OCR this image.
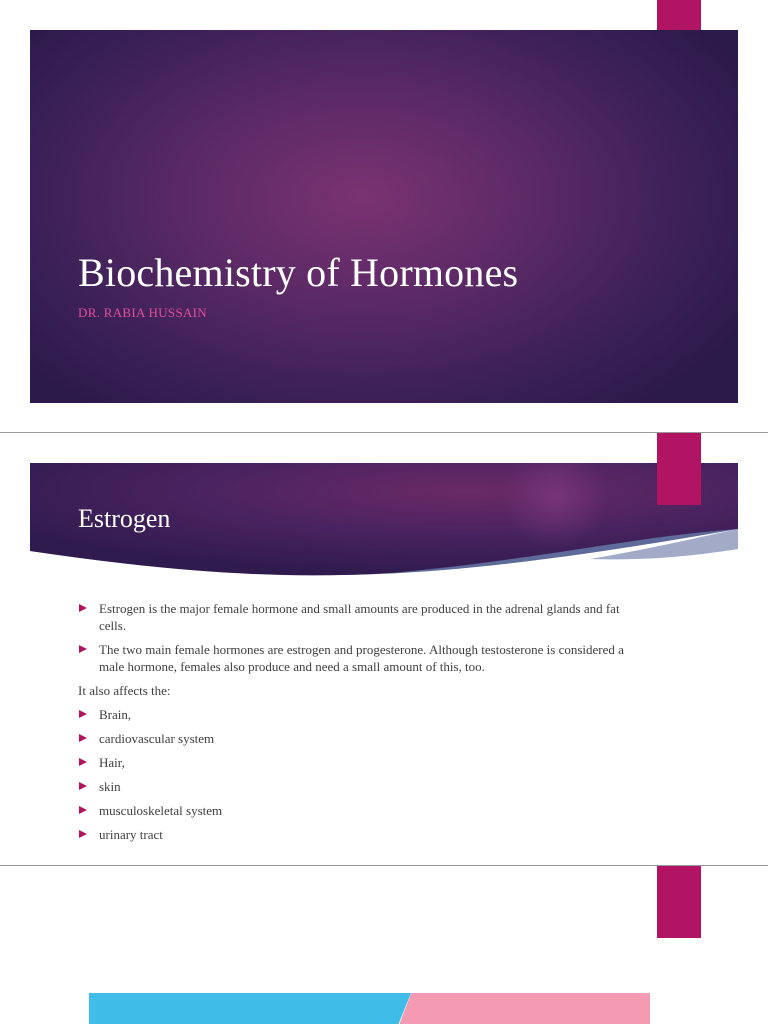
Biochemistry of Hormones

DR. RABIA HUSSAIN

Estrogen
Estrogen is the major female hormone and small amounts are produced in the adrenal glands and fat cells.
The two main female hormones are estrogen and progesterone. Although testosterone is considered a male hormone, females also produce and need a small amount of this, too.
It also affects the:
Brain,
cardiovascular system
Hair,
skin
musculoskeletal system
urinary tract
